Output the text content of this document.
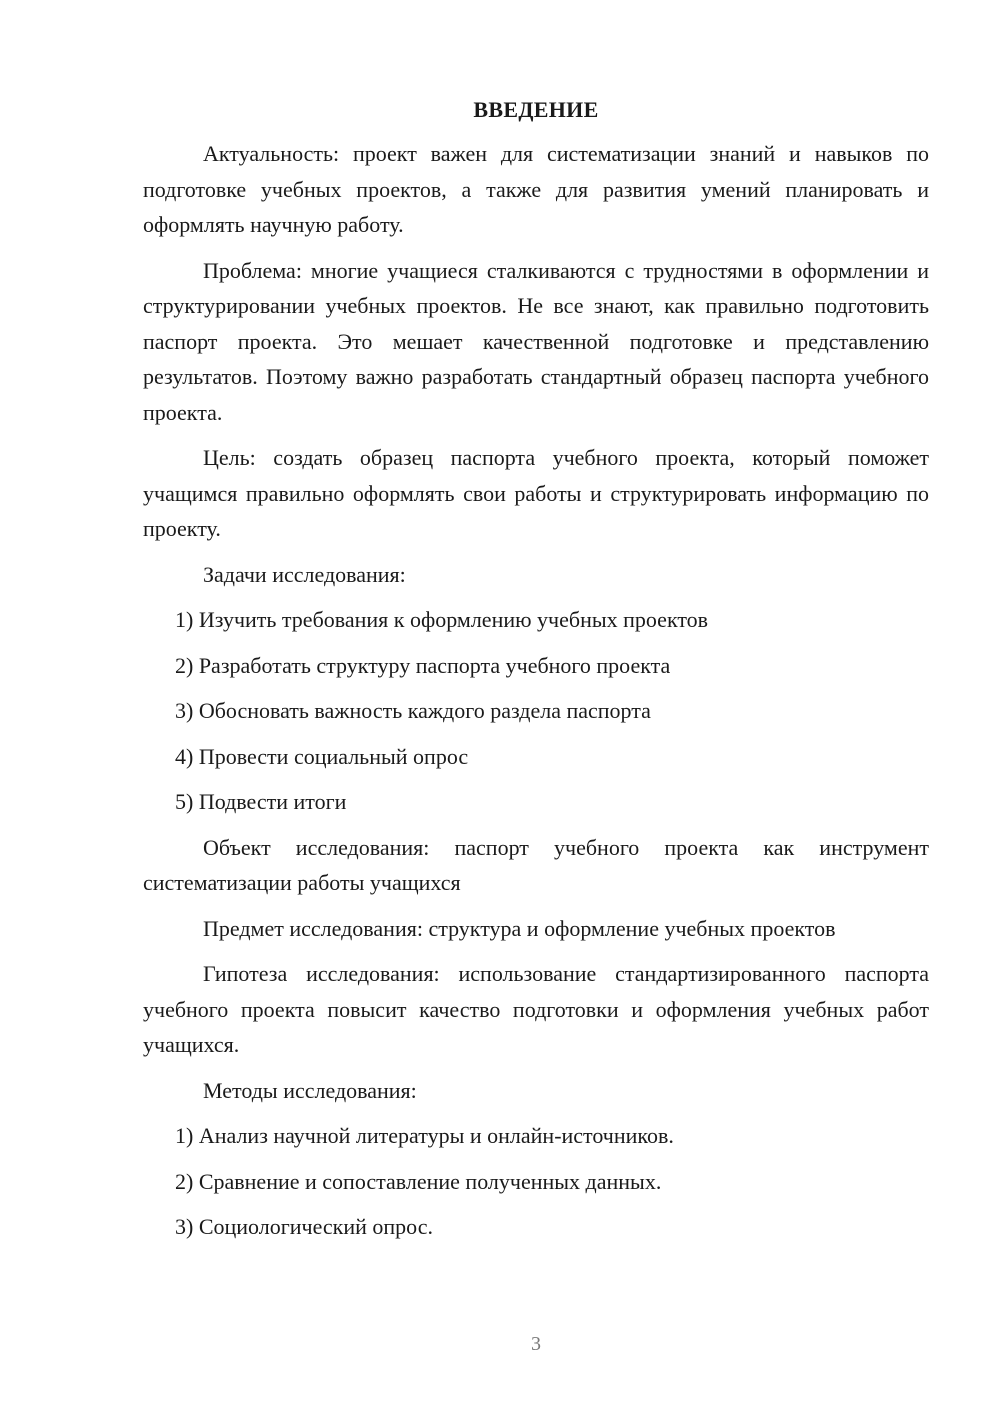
ВВЕДЕНИЕ

Актуальность: проект важен для систематизации знаний и навыков по подготовке учебных проектов, а также для развития умений планировать и оформлять научную работу.

Проблема: многие учащиеся сталкиваются с трудностями в оформлении и структурировании учебных проектов. Не все знают, как правильно подготовить паспорт проекта. Это мешает качественной подготовке и представлению результатов. Поэтому важно разработать стандартный образец паспорта учебного проекта.

Цель: создать образец паспорта учебного проекта, который поможет учащимся правильно оформлять свои работы и структурировать информацию по проекту.

Задачи исследования:

1) Изучить требования к оформлению учебных проектов
2) Разработать структуру паспорта учебного проекта
3) Обосновать важность каждого раздела паспорта
4) Провести социальный опрос
5) Подвести итоги

Объект исследования: паспорт учебного проекта как инструмент систематизации работы учащихся

Предмет исследования: структура и оформление учебных проектов

Гипотеза исследования: использование стандартизированного паспорта учебного проекта повысит качество подготовки и оформления учебных работ учащихся.

Методы исследования:

1) Анализ научной литературы и онлайн-источников.
2) Сравнение и сопоставление полученных данных.
3) Социологический опрос.
3
